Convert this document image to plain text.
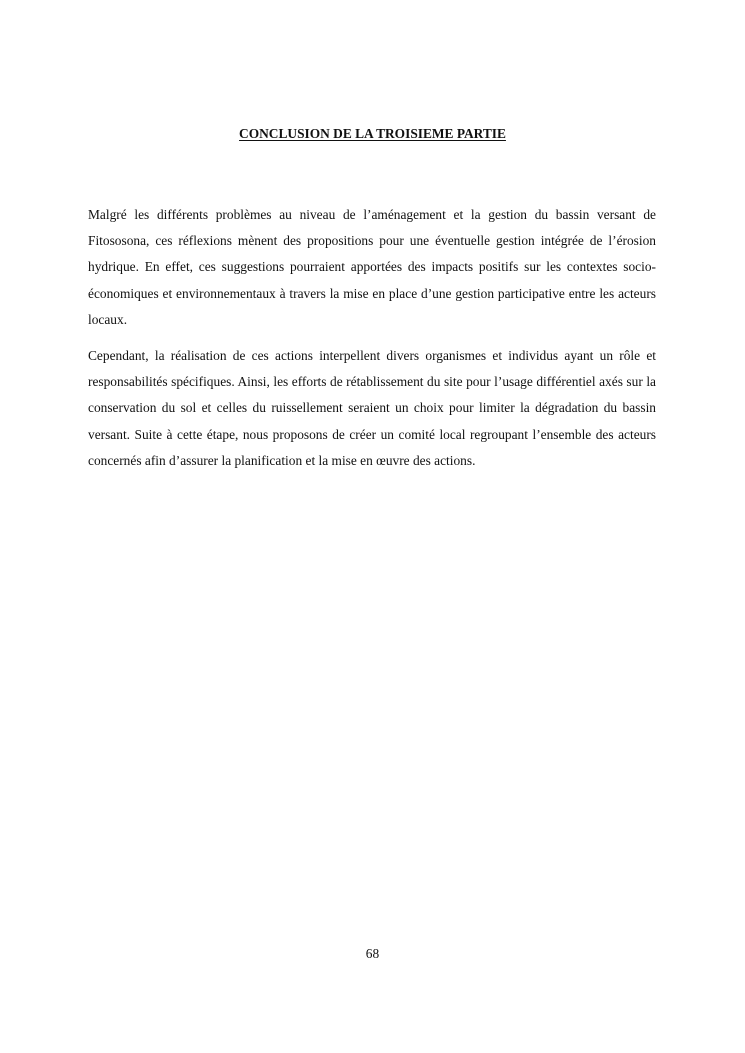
CONCLUSION DE LA TROISIEME PARTIE

Malgré les différents problèmes au niveau de l’aménagement et la gestion du bassin versant de Fitososona, ces réflexions mènent des propositions pour une éventuelle gestion intégrée de l’érosion hydrique. En effet, ces suggestions pourraient apportées des impacts positifs sur les contextes socio-économiques et environnementaux à travers la mise en place d’une gestion participative entre les acteurs locaux.

Cependant, la réalisation de ces actions interpellent divers organismes et individus ayant un rôle et responsabilités spécifiques. Ainsi, les efforts de rétablissement du site pour l’usage différentiel axés sur la conservation du sol et celles du ruissellement seraient un choix pour limiter la dégradation du bassin versant. Suite à cette étape, nous proposons de créer un comité local regroupant l’ensemble des acteurs concernés afin d’assurer la planification et la mise en œuvre des actions.

68
